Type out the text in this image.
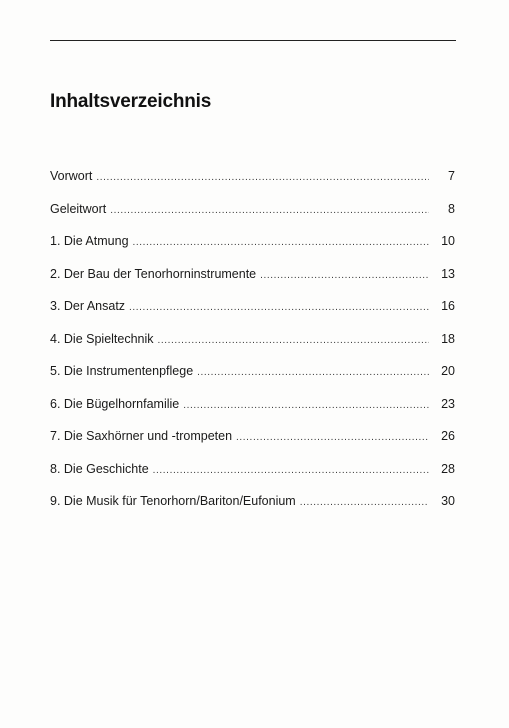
Inhaltsverzeichnis
Vorwort .....	7
Geleitwort .....	8
1. Die Atmung .....	10
2. Der Bau der Tenorhorninstrumente .....	13
3. Der Ansatz .....	16
4. Die Spieltechnik .....	18
5. Die Instrumentenpflege .....	20
6. Die Bügelhornfamilie .....	23
7. Die Saxhörner und -trompeten .....	26
8. Die Geschichte .....	28
9. Die Musik für Tenorhorn/Bariton/Eufonium .....	30
